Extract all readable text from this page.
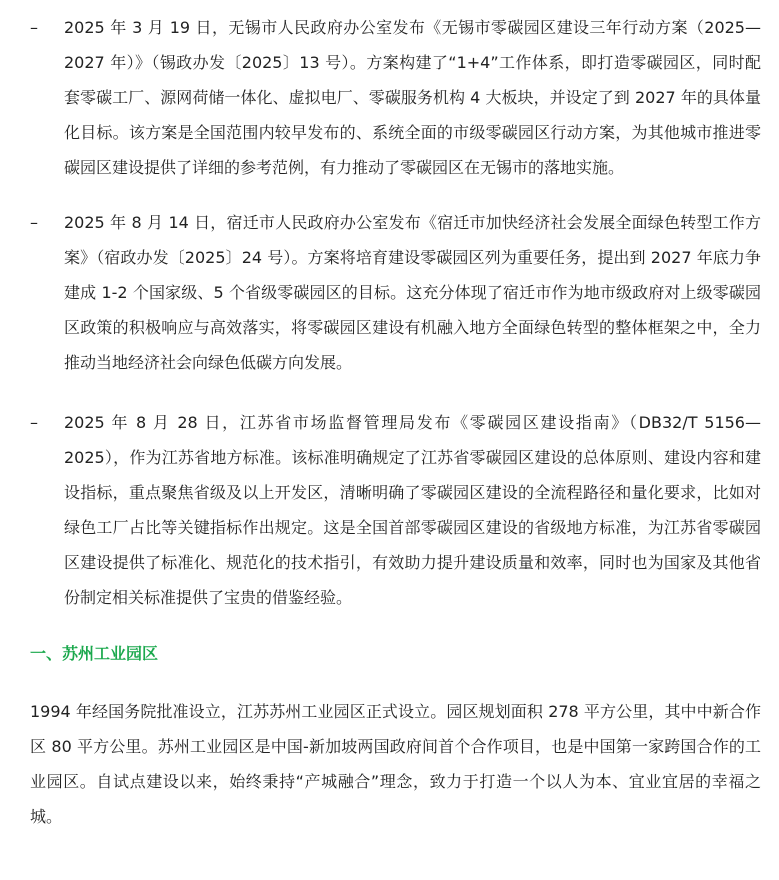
–	2025 年 3 月 19 日，无锡市人民政府办公室发布《无锡市零碳园区建设三年行动方案（2025—2027 年）》（锡政办发〔2025〕13 号）。方案构建了“1+4”工作体系，即打造零碳园区，同时配套零碳工厂、源网荷储一体化、虚拟电厂、零碳服务机构 4 大板块，并设定了到 2027 年的具体量化目标。该方案是全国范围内较早发布的、系统全面的市级零碳园区行动方案，为其他城市推进零碳园区建设提供了详细的参考范例，有力推动了零碳园区在无锡市的落地实施。
–	2025 年 8 月 14 日，宿迁市人民政府办公室发布《宿迁市加快经济社会发展全面绿色转型工作方案》（宿政办发〔2025〕24 号）。方案将培育建设零碳园区列为重要任务，提出到 2027 年底力争建成 1-2 个国家级、5 个省级零碳园区的目标。这充分体现了宿迁市作为地市级政府对上级零碳园区政策的积极响应与高效落实，将零碳园区建设有机融入地方全面绿色转型的整体框架之中，全力推动当地经济社会向绿色低碳方向发展。
–	2025 年 8 月 28 日，江苏省市场监督管理局发布《零碳园区建设指南》（DB32/T 5156—2025），作为江苏省地方标准。该标准明确规定了江苏省零碳园区建设的总体原则、建设内容和建设指标，重点聚焦省级及以上开发区，清晰明确了零碳园区建设的全流程路径和量化要求，比如对绿色工厂占比等关键指标作出规定。这是全国首部零碳园区建设的省级地方标准，为江苏省零碳园区建设提供了标准化、规范化的技术指引，有效助力提升建设质量和效率，同时也为国家及其他省份制定相关标准提供了宝贵的借鉴经验。
一、苏州工业园区
1994 年经国务院批准设立，江苏苏州工业园区正式设立。园区规划面积 278 平方公里，其中中新合作区 80 平方公里。苏州工业园区是中国-新加坡两国政府间首个合作项目，也是中国第一家跨国合作的工业园区。自试点建设以来，始终秉持“产城融合”理念，致力于打造一个以人为本、宜业宜居的幸福之城。
